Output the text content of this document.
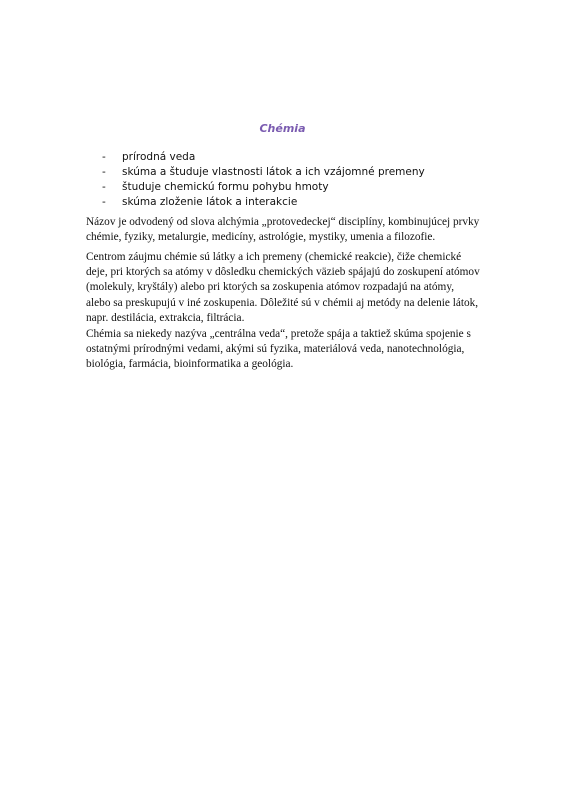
Chémia
- prírodná veda
- skúma a študuje vlastnosti látok a ich vzájomné premeny
- študuje chemickú formu pohybu hmoty
- skúma zloženie látok a interakcie

Názov je odvodený od slova alchýmia „protovedeckej“ disciplíny, kombinujúcej prvky chémie, fyziky, metalurgie, medicíny, astrológie, mystiky, umenia a filozofie.

Centrom záujmu chémie sú látky a ich premeny (chemické reakcie), čiže chemické deje, pri ktorých sa atómy v dôsledku chemických väzieb spájajú do zoskupení atómov (molekuly, kryštály) alebo pri ktorých sa zoskupenia atómov rozpadajú na atómy, alebo sa preskupujú v iné zoskupenia. Dôležité sú v chémii aj metódy na delenie látok, napr. destilácia, extrakcia, filtrácia.

Chémia sa niekedy nazýva „centrálna veda“, pretože spája a taktiež skúma spojenie s ostatnými prírodnými vedami, akými sú fyzika, materiálová veda, nanotechnológia, biológia, farmácia, bioinformatika a geológia.
